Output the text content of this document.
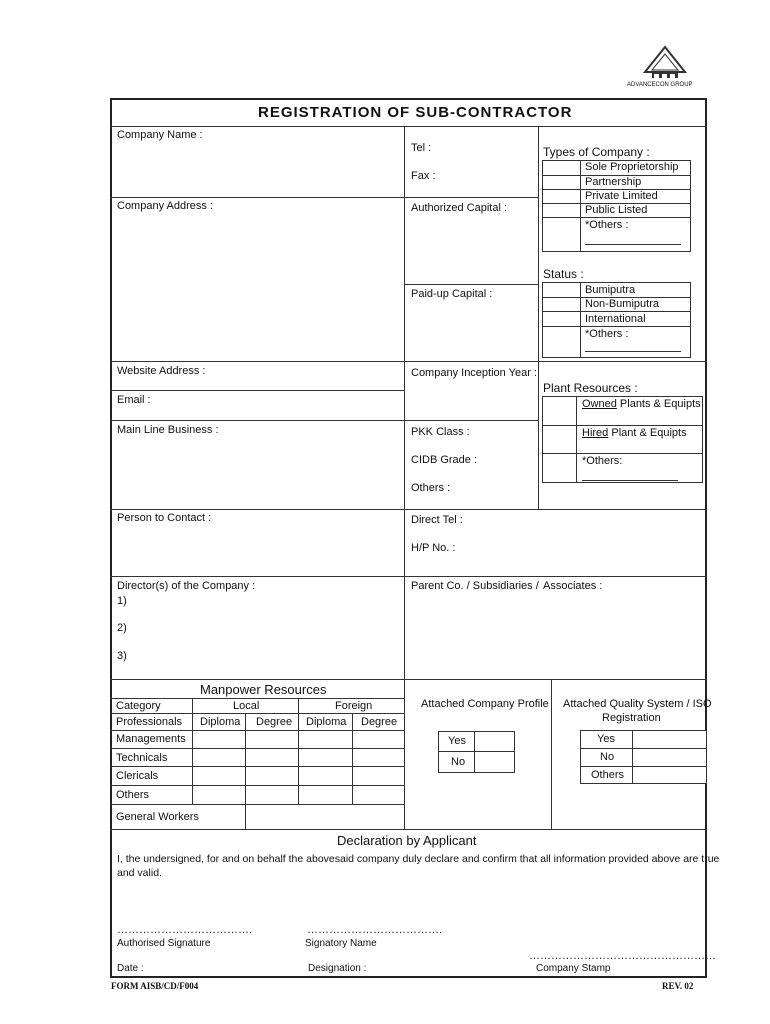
ADVANCECON GROUP
REGISTRATION OF SUB-CONTRACTOR
Company Name :
Company Address :
Website Address :
Email :
Main Line Business :
Person to Contact :
Director(s) of the Company :
1)
2)
3)
Tel :
Fax :
Authorized Capital :
Paid-up Capital :
Company Inception Year :
PKK Class :
CIDB Grade :
Others :
Direct Tel :
H/P No. :
Parent Co. / Subsidiaries / Associates :
Types of Company :
Sole Proprietorship
Partnership
Private Limited
Public Listed
*Others :
Status :
Bumiputra
Non-Bumiputra
International
*Others :
Plant Resources :
Owned Plants & Equipts
Hired Plant & Equipts
*Others:
Manpower Resources
Category	Local	Foreign
Professionals Diploma Degree Diploma Degree
Managements
Technicals
Clericals
Others
General Workers
Attached Company Profile
Yes
No
Attached Quality System / ISO
Registration
Yes
No
Others
Declaration by Applicant
I, the undersigned, for and on behalf the abovesaid company duly declare and confirm that all information provided above are true
and valid.
……………………………….	……………………………….
Authorised Signature	Signatory Name
……………………………………………
Date :	Designation :	Company Stamp
FORM AISB/CD/F004	REV. 02
